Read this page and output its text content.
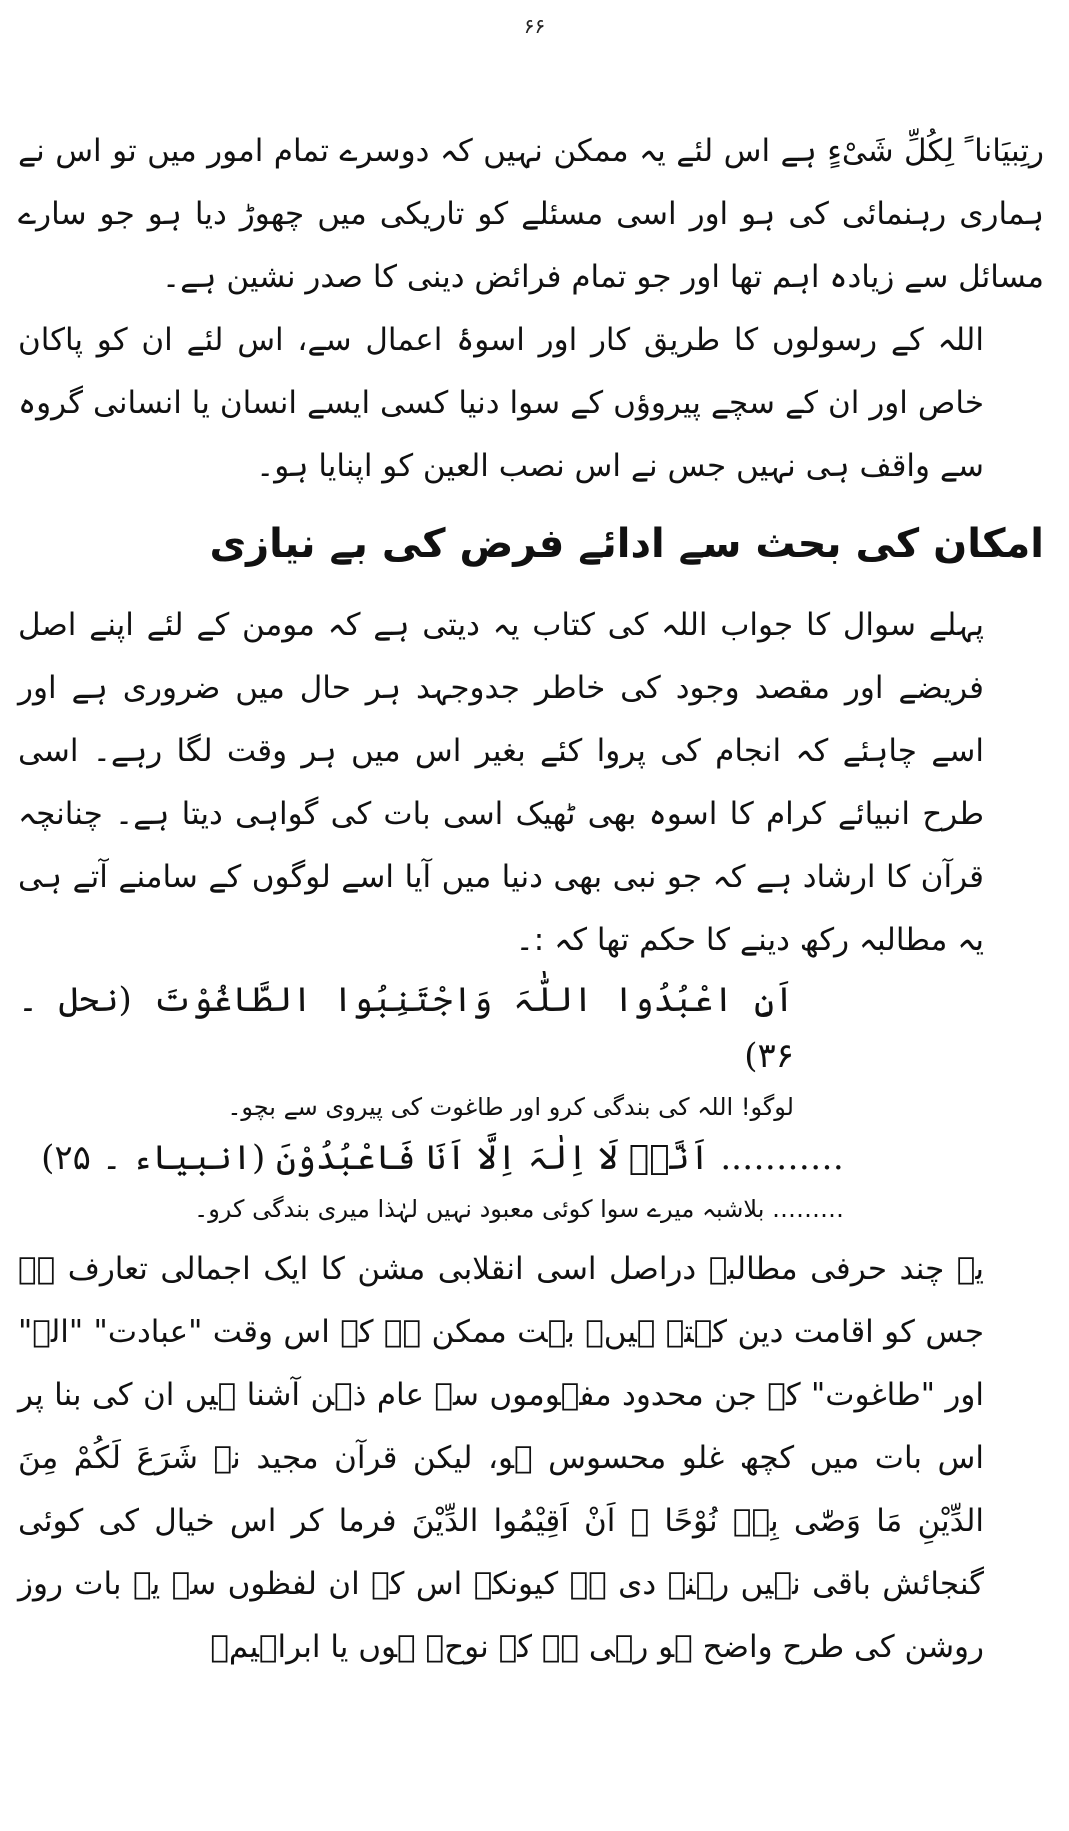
۶۶

رتِبیَانا ً لِکُلِّ شَیْءٍ ہے اس لئے یہ ممکن نہیں کہ دوسرے تمام امور میں تو اس نے ہماری رہنمائی کی ہو اور اسی مسئلے کو تاریکی میں چھوڑ دیا ہو جو سارے مسائل سے زیادہ اہم تھا اور جو تمام فرائض دینی کا صدر نشین ہے۔

اللہ کے رسولوں کا طریق کار اور اسوۂ اعمال سے، اس لئے ان کو پاکان خاص اور ان کے سچے پیروؤں کے سوا دنیا کسی ایسے انسان یا انسانی گروہ سے واقف ہی نہیں جس نے اس نصب العین کو اپنایا ہو۔

امکان کی بحث سے ادائے فرض کی بے نیازی

پہلے سوال کا جواب اللہ کی کتاب یہ دیتی ہے کہ مومن کے لئے اپنے اصل فریضے اور مقصد وجود کی خاطر جدوجہد ہر حال میں ضروری ہے اور اسے چاہئے کہ انجام کی پروا کئے بغیر اس میں ہر وقت لگا رہے۔ اسی طرح انبیائے کرام کا اسوہ بھی ٹھیک اسی بات کی گواہی دیتا ہے۔ چنانچہ قرآن کا ارشاد ہے کہ جو نبی بھی دنیا میں آیا اسے لوگوں کے سامنے آتے ہی یہ مطالبہ رکھ دینے کا حکم تھا کہ :۔

اَنِ اعْبُدُوا اللّٰہَ وَاجْتَنِبُوا الطَّاغُوْتَ (نحل ۔ ۳۶)

لوگو! اللہ کی بندگی کرو اور طاغوت کی پیروی سے بچو۔

……….. اَنَّہٗ لَا اِلٰہَ اِلَّا اَنَا فَاعْبُدُوْنَ (انبیاء ۔ ۲۵)

……… بلاشبہ میرے سوا کوئی معبود نہیں لہٰذا میری بندگی کرو۔

یہ چند حرفی مطالبہ دراصل اسی انقلابی مشن کا ایک اجمالی تعارف ہے جس کو اقامت دین کہتے ہیں۔ بہت ممکن ہے کہ اس وقت "عبادت" "الہ" اور "طاغوت" کے جن محدود مفہوموں سے عام ذہن آشنا ہیں ان کی بنا پر اس بات میں کچھ غلو محسوس ہو، لیکن قرآن مجید نے شَرَعَ لَکُمْ مِنَ الدِّیْنِ مَا وَصّٰی بِہٖ نُوْحًا ۔ اَنْ اَقِیْمُوا الدِّیْنَ فرما کر اس خیال کی کوئی گنجائش باقی نہیں رہنے دی ہے کیونکہ اس کے ان لفظوں سے یہ بات روز روشن کی طرح واضح ہو رہی ہے کہ نوحؑ ہوں یا ابراہیمؑ
